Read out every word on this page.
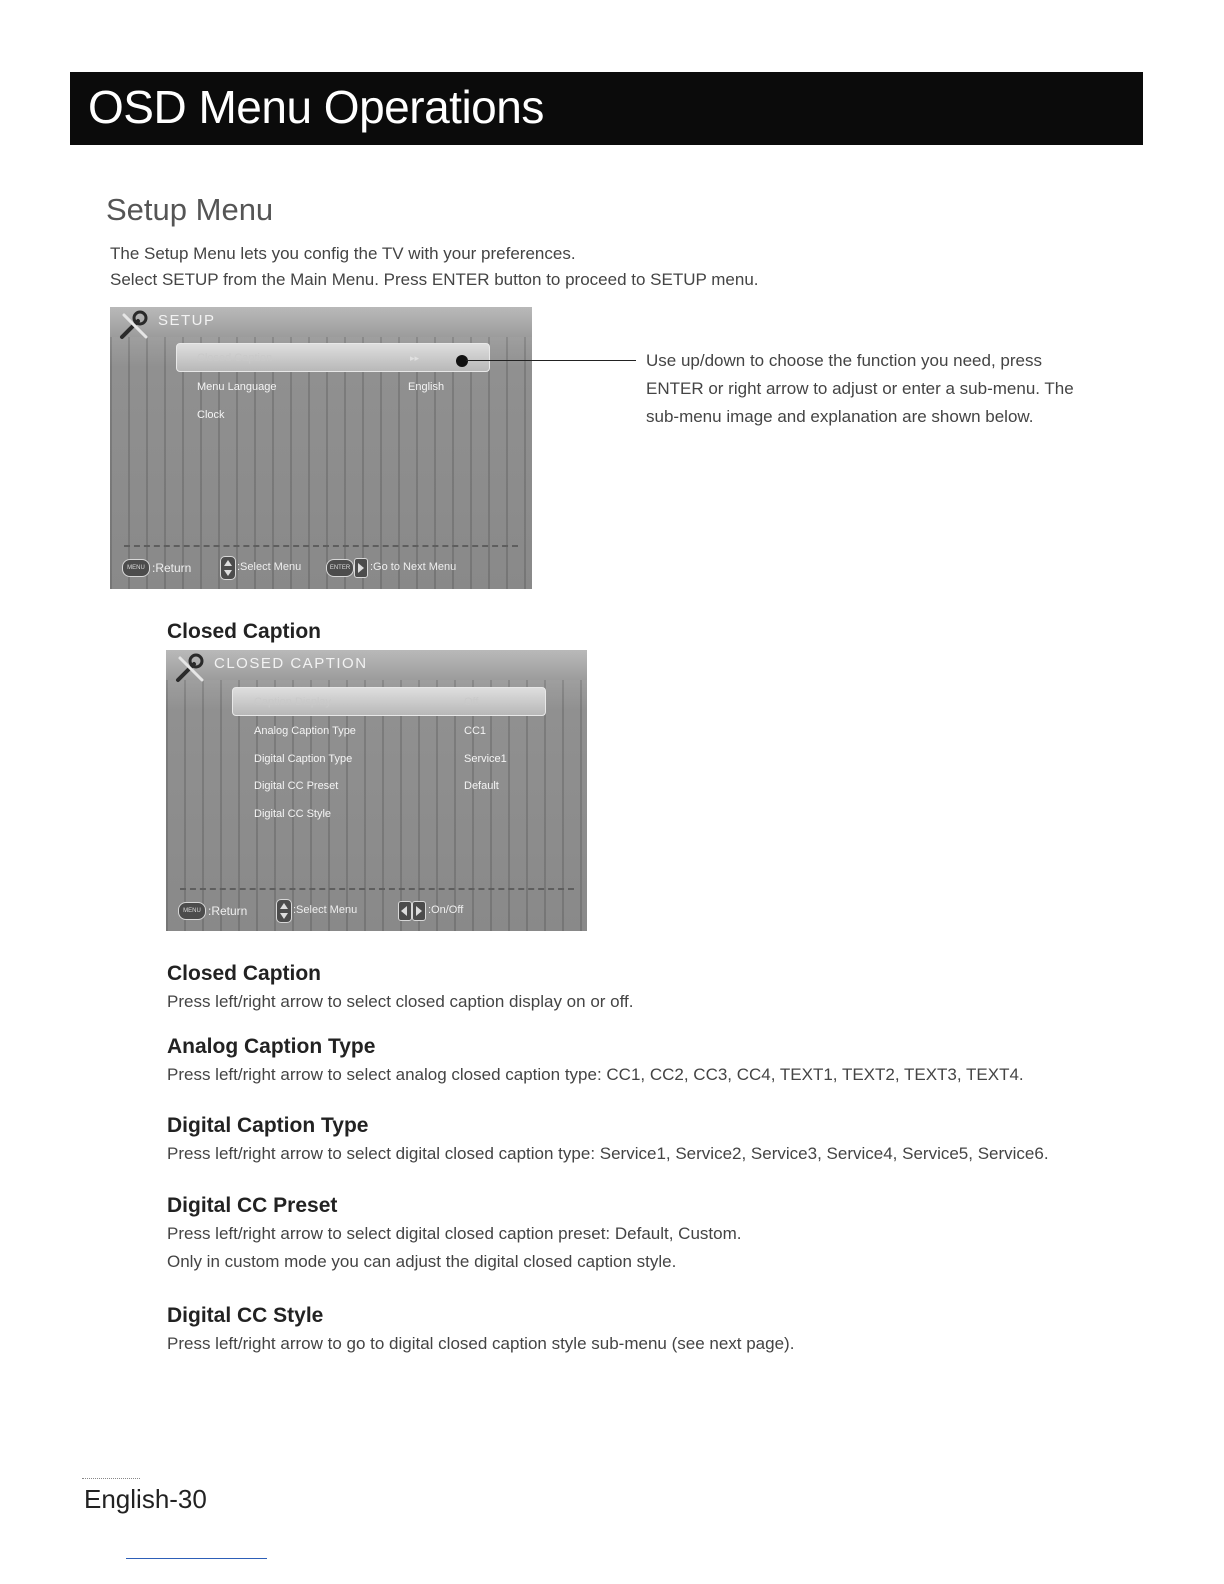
OSD Menu Operations
Setup Menu

The Setup Menu lets you config the TV with your preferences.

Select SETUP from the Main Menu. Press ENTER button to proceed to SETUP menu.

SETUP
Closed Caption	▸▸
Menu Language	English
Clock
MENU :Return	:Select Menu	ENTER	:Go to Next Menu

Use up/down to choose the function you need, press

ENTER or right arrow to adjust or enter a sub-menu. The

sub-menu image and explanation are shown below.

Closed Caption
CLOSED CAPTION
Caption Display	Off
Analog Caption Type	CC1
Digital Caption Type	Service1
Digital CC Preset	Default
Digital CC Style
MENU :Return	:Select Menu	:On/Off
Closed Caption

Press left/right arrow to select closed caption display on or off.

Analog Caption Type

Press left/right arrow to select analog closed caption type: CC1, CC2, CC3, CC4, TEXT1, TEXT2, TEXT3, TEXT4.

Digital Caption Type

Press left/right arrow to select digital closed caption type: Service1, Service2, Service3, Service4, Service5, Service6.

Digital CC Preset

Press left/right arrow to select digital closed caption preset: Default, Custom.

Only in custom mode you can adjust the digital closed caption style.

Digital CC Style

Press left/right arrow to go to digital closed caption style sub-menu (see next page).

English-30
